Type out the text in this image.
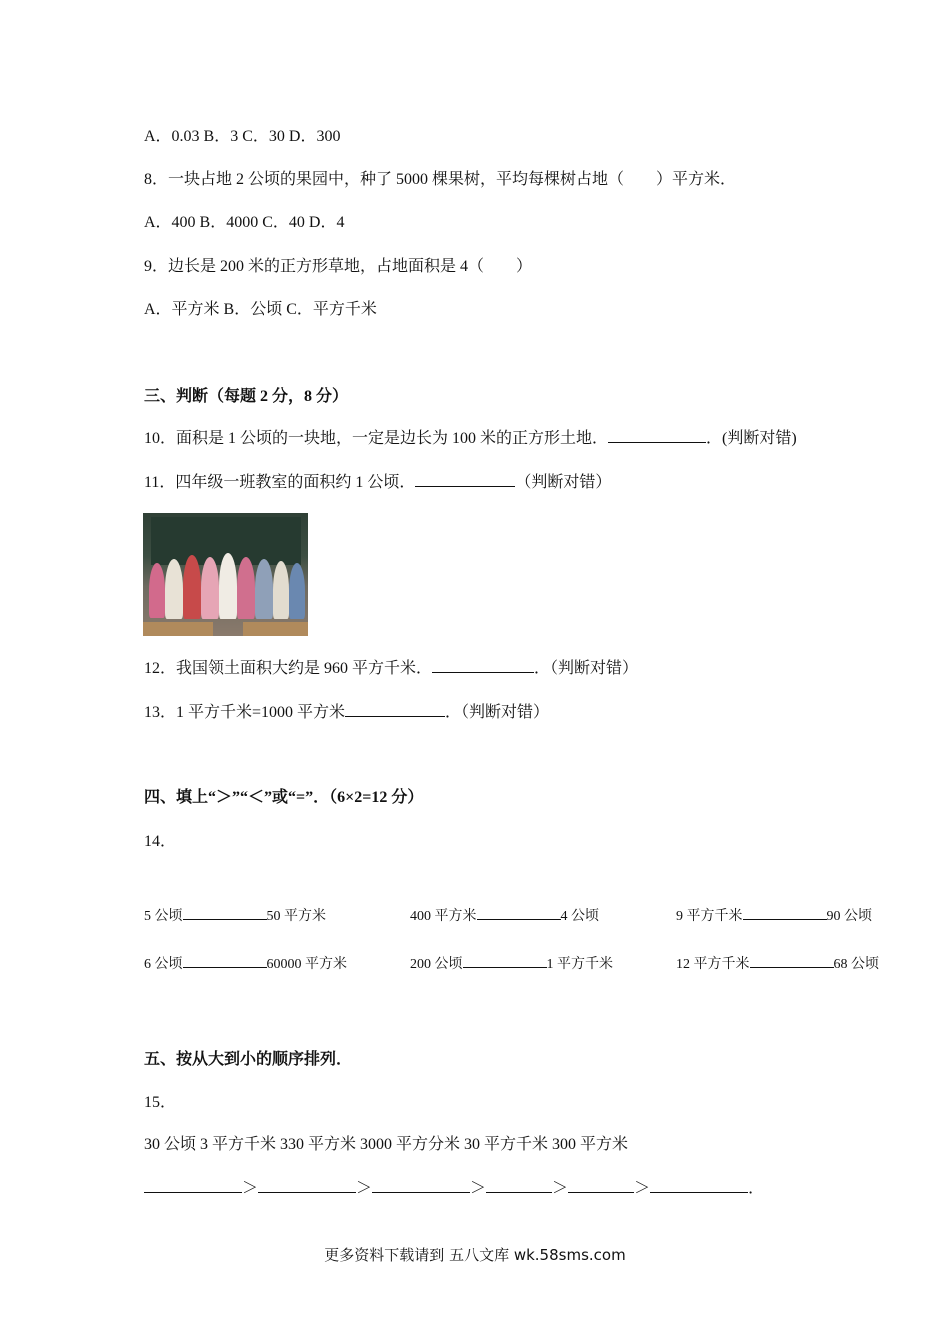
A．0.03 B．3 C．30 D．300
8．一块占地 2 公顷的果园中，种了 5000 棵果树，平均每棵树占地（　　）平方米．
A．400 B．4000 C．40 D．4
9．边长是 200 米的正方形草地，占地面积是 4（　　）
A．平方米 B．公顷 C．平方千米
三、判断（每题 2 分，8 分）
10．面积是 1 公顷的一块地，一定是边长为 100 米的正方形土地．	．(判断对错)
11．四年级一班教室的面积约 1 公顷．	（判断对错）
12．我国领土面积大约是 960 平方千米．	．（判断对错）
13．1 平方千米=1000 平方米	．（判断对错）
四、填上“＞”“＜”或“=”．（6×2=12 分）
14．
5 公顷	50 平方米	400 平方米	4 公顷	9 平方千米	90 公顷
6 公顷	60000 平方米	200 公顷	1 平方千米	12 平方千米	68 公顷
五、按从大到小的顺序排列．
15．
30 公顷 3 平方千米 330 平方米 3000 平方分米 30 平方千米 300 平方米
＞	＞	＞	＞	＞	．
更多资料下载请到 五八文库 wk.58sms.com
